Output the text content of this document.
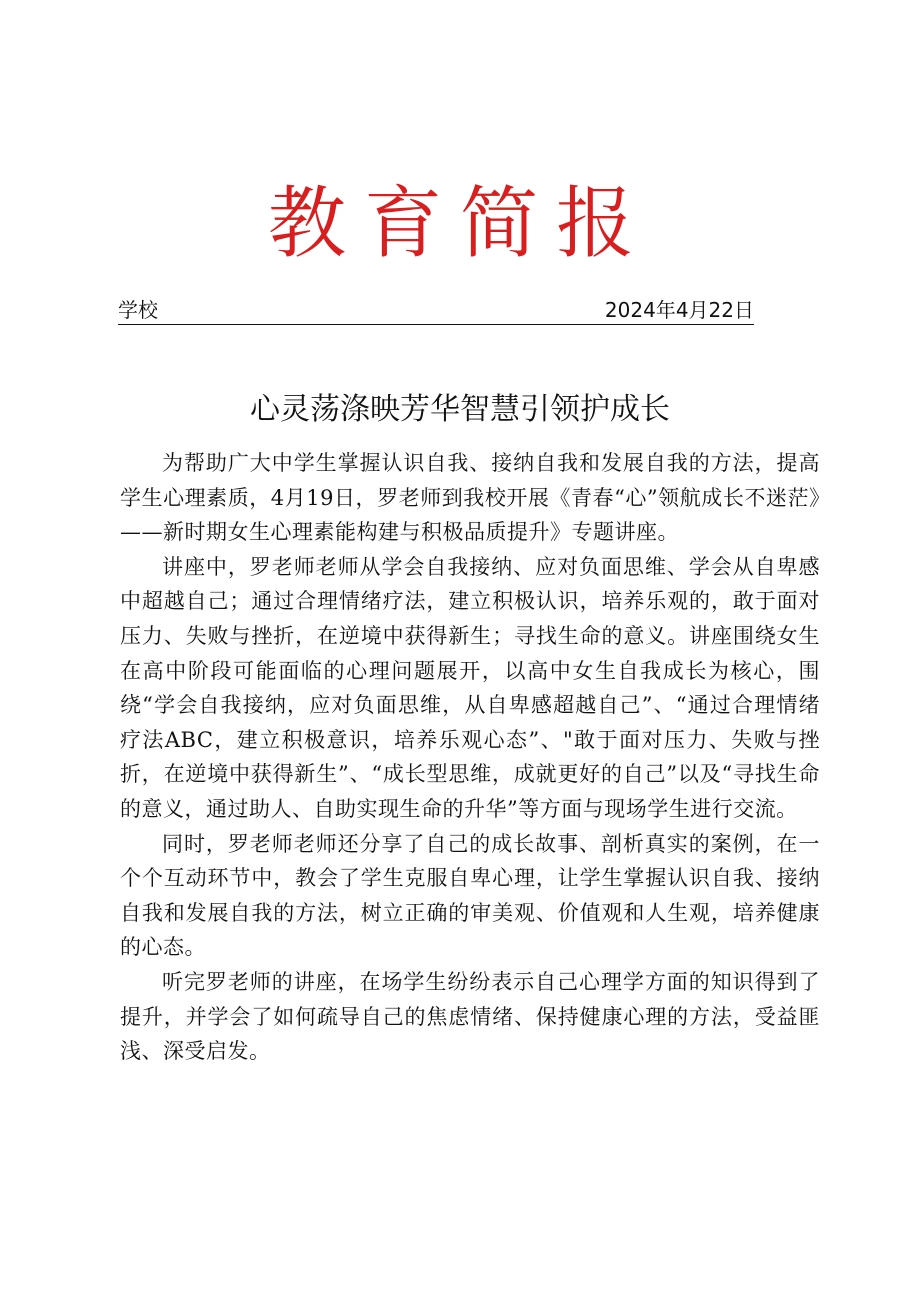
教育简报
学校	2024年4月22日
心灵荡涤映芳华智慧引领护成长

为帮助广大中学生掌握认识自我、接纳自我和发展自我的方法，提高学生心理素质，4月19日，罗老师到我校开展《青春“心”领航成长不迷茫》——新时期女生心理素能构建与积极品质提升》专题讲座。

讲座中，罗老师老师从学会自我接纳、应对负面思维、学会从自卑感中超越自己；通过合理情绪疗法，建立积极认识，培养乐观的，敢于面对压力、失败与挫折，在逆境中获得新生；寻找生命的意义。讲座围绕女生在高中阶段可能面临的心理问题展开，以高中女生自我成长为核心，围绕“学会自我接纳，应对负面思维，从自卑感超越自己”、“通过合理情绪疗法ABC，建立积极意识，培养乐观心态”、"敢于面对压力、失败与挫折，在逆境中获得新生”、“成长型思维，成就更好的自己”以及“寻找生命的意义，通过助人、自助实现生命的升华”等方面与现场学生进行交流。

同时，罗老师老师还分享了自己的成长故事、剖析真实的案例，在一个个互动环节中，教会了学生克服自卑心理，让学生掌握认识自我、接纳自我和发展自我的方法，树立正确的审美观、价值观和人生观，培养健康的心态。

听完罗老师的讲座，在场学生纷纷表示自己心理学方面的知识得到了提升，并学会了如何疏导自己的焦虑情绪、保持健康心理的方法，受益匪浅、深受启发。
